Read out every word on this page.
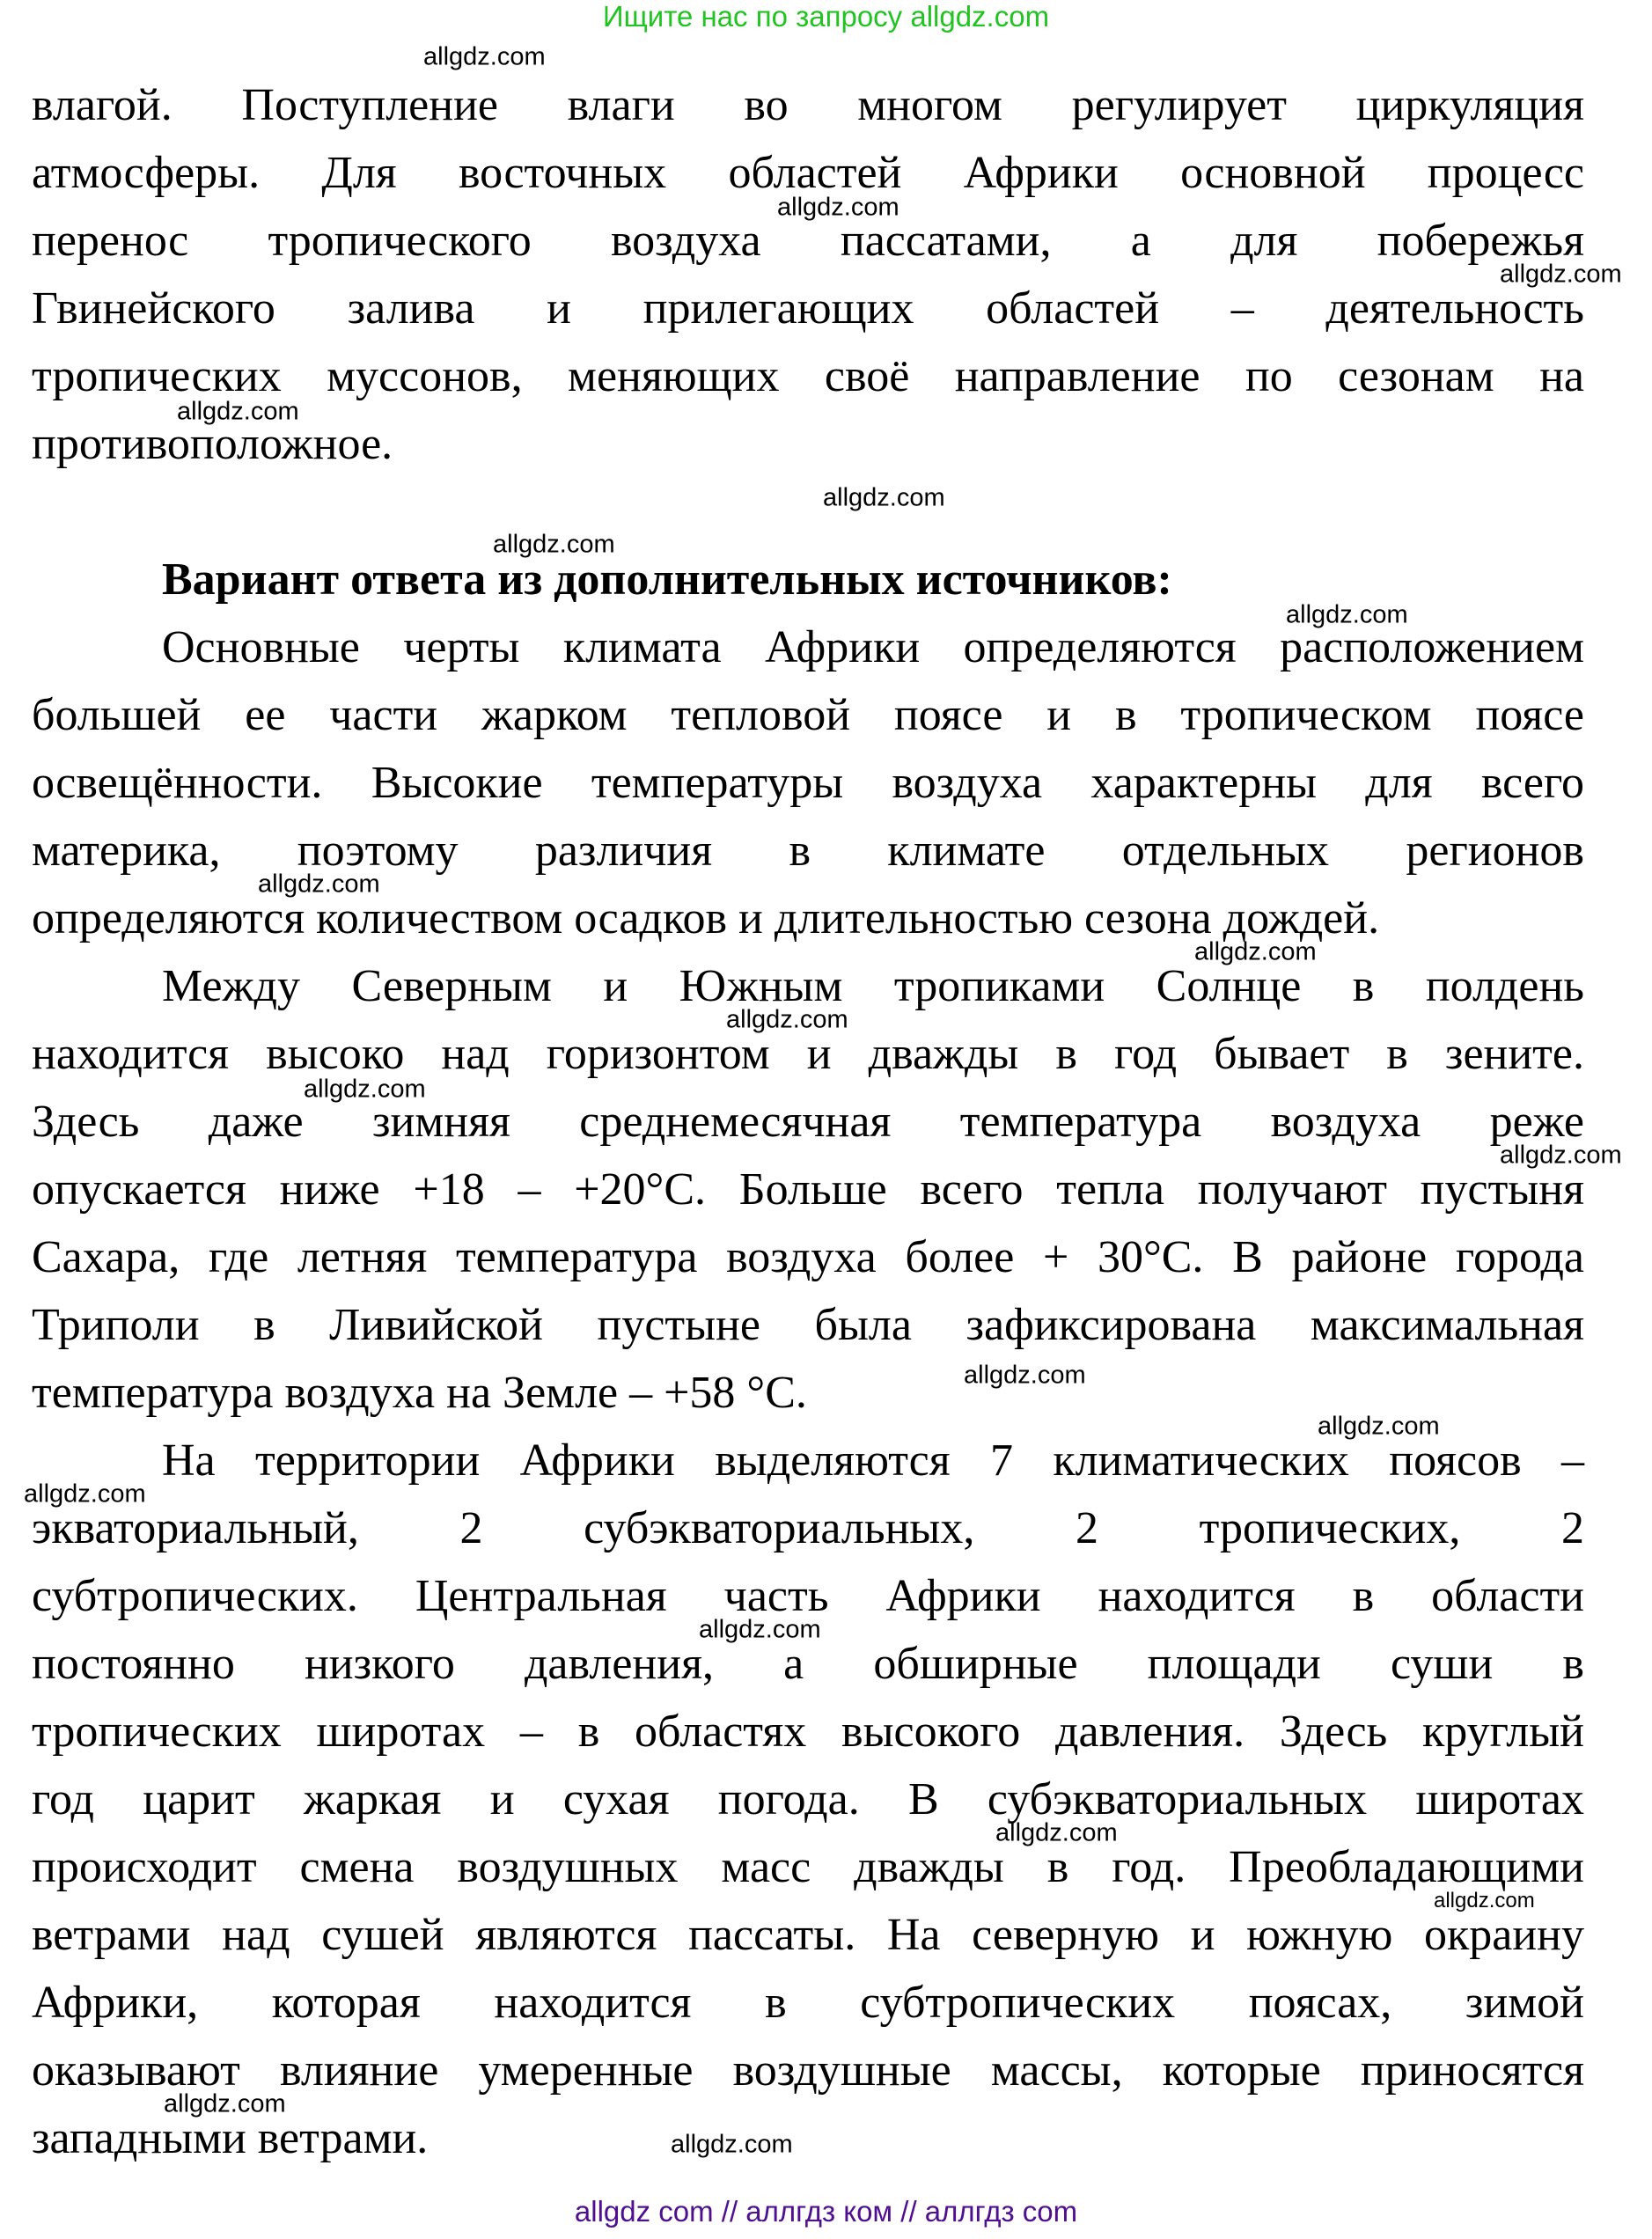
Ищите нас по запросу allgdz.com
влагой. Поступление влаги во многом регулирует циркуляция
атмосферы. Для восточных областей Африки основной процесс
перенос тропического воздуха пассатами, а для побережья
Гвинейского залива и прилегающих областей – деятельность
тропических муссонов, меняющих своё направление по сезонам на
противоположное.
Вариант ответа из дополнительных источников:
Основные черты климата Африки определяются расположением
большей ее части жарком тепловой поясе и в тропическом поясе
освещённости. Высокие температуры воздуха характерны для всего
материка, поэтому различия в климате отдельных регионов
определяются количеством осадков и длительностью сезона дождей.
Между Северным и Южным тропиками Солнце в полдень
находится высоко над горизонтом и дважды в год бывает в зените.
Здесь даже зимняя среднемесячная температура воздуха реже
опускается ниже +18 – +20°С. Больше всего тепла получают пустыня
Сахара, где летняя температура воздуха более + 30°С. В районе города
Триполи в Ливийской пустыне была зафиксирована максимальная
температура воздуха на Земле – +58 °С.
На территории Африки выделяются 7 климатических поясов –
экваториальный, 2 субэкваториальных, 2 тропических, 2
субтропических. Центральная часть Африки находится в области
постоянно низкого давления, а обширные площади суши в
тропических широтах – в областях высокого давления. Здесь круглый
год царит жаркая и сухая погода. В субэкваториальных широтах
происходит смена воздушных масс дважды в год. Преобладающими
ветрами над сушей являются пассаты. На северную и южную окраину
Африки, которая находится в субтропических поясах, зимой
оказывают влияние умеренные воздушные массы, которые приносятся
западными ветрами.
allgdz.com
allgdz.com
allgdz.com
allgdz.com
allgdz.com
allgdz.com
allgdz.com
allgdz.com
allgdz.com
allgdz.com
allgdz.com
allgdz.com
allgdz.com
allgdz.com
allgdz.com
allgdz.com
allgdz.com
allgdz.com
allgdz.com
allgdz.com
allgdz com // аллгдз ком // аллгдз com
